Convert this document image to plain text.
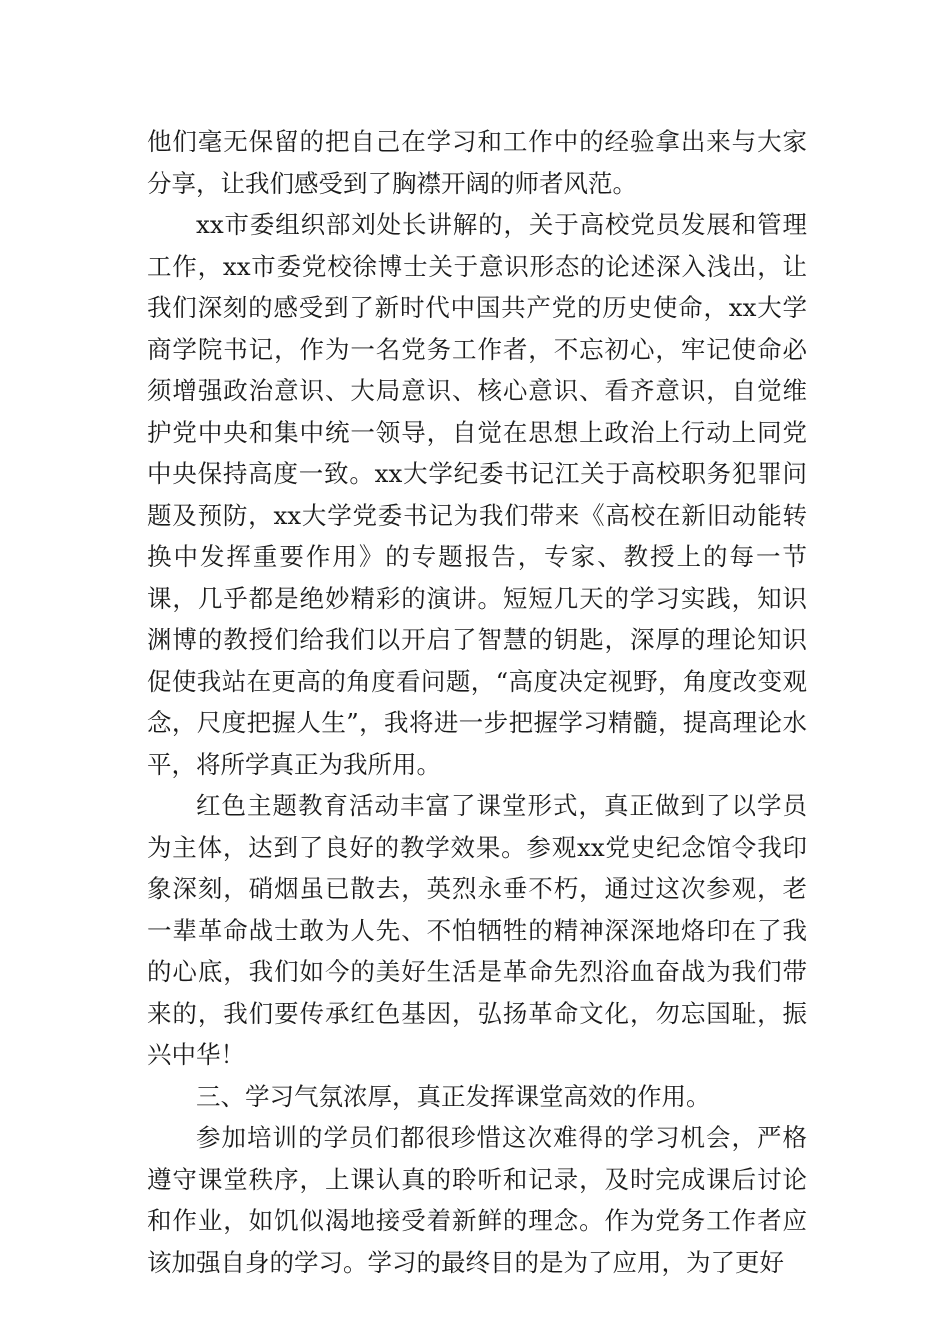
他们毫无保留的把自己在学习和工作中的经验拿出来与大家分享，让我们感受到了胸襟开阔的师者风范。

xx市委组织部刘处长讲解的，关于高校党员发展和管理工作，xx市委党校徐博士关于意识形态的论述深入浅出，让我们深刻的感受到了新时代中国共产党的历史使命，xx大学商学院书记，作为一名党务工作者，不忘初心，牢记使命必须增强政治意识、大局意识、核心意识、看齐意识，自觉维护党中央和集中统一领导，自觉在思想上政治上行动上同党中央保持高度一致。xx大学纪委书记江关于高校职务犯罪问题及预防，xx大学党委书记为我们带来《高校在新旧动能转换中发挥重要作用》的专题报告，专家、教授上的每一节课，几乎都是绝妙精彩的演讲。短短几天的学习实践，知识渊博的教授们给我们以开启了智慧的钥匙，深厚的理论知识促使我站在更高的角度看问题，“高度决定视野，角度改变观念，尺度把握人生”，我将进一步把握学习精髓，提高理论水平，将所学真正为我所用。

红色主题教育活动丰富了课堂形式，真正做到了以学员为主体，达到了良好的教学效果。参观xx党史纪念馆令我印象深刻，硝烟虽已散去，英烈永垂不朽，通过这次参观，老一辈革命战士敢为人先、不怕牺牲的精神深深地烙印在了我的心底，我们如今的美好生活是革命先烈浴血奋战为我们带来的，我们要传承红色基因，弘扬革命文化，勿忘国耻，振兴中华！

三、学习气氛浓厚，真正发挥课堂高效的作用。

参加培训的学员们都很珍惜这次难得的学习机会，严格遵守课堂秩序，上课认真的聆听和记录，及时完成课后讨论和作业，如饥似渴地接受着新鲜的理念。作为党务工作者应该加强自身的学习。学习的最终目的是为了应用，为了更好
